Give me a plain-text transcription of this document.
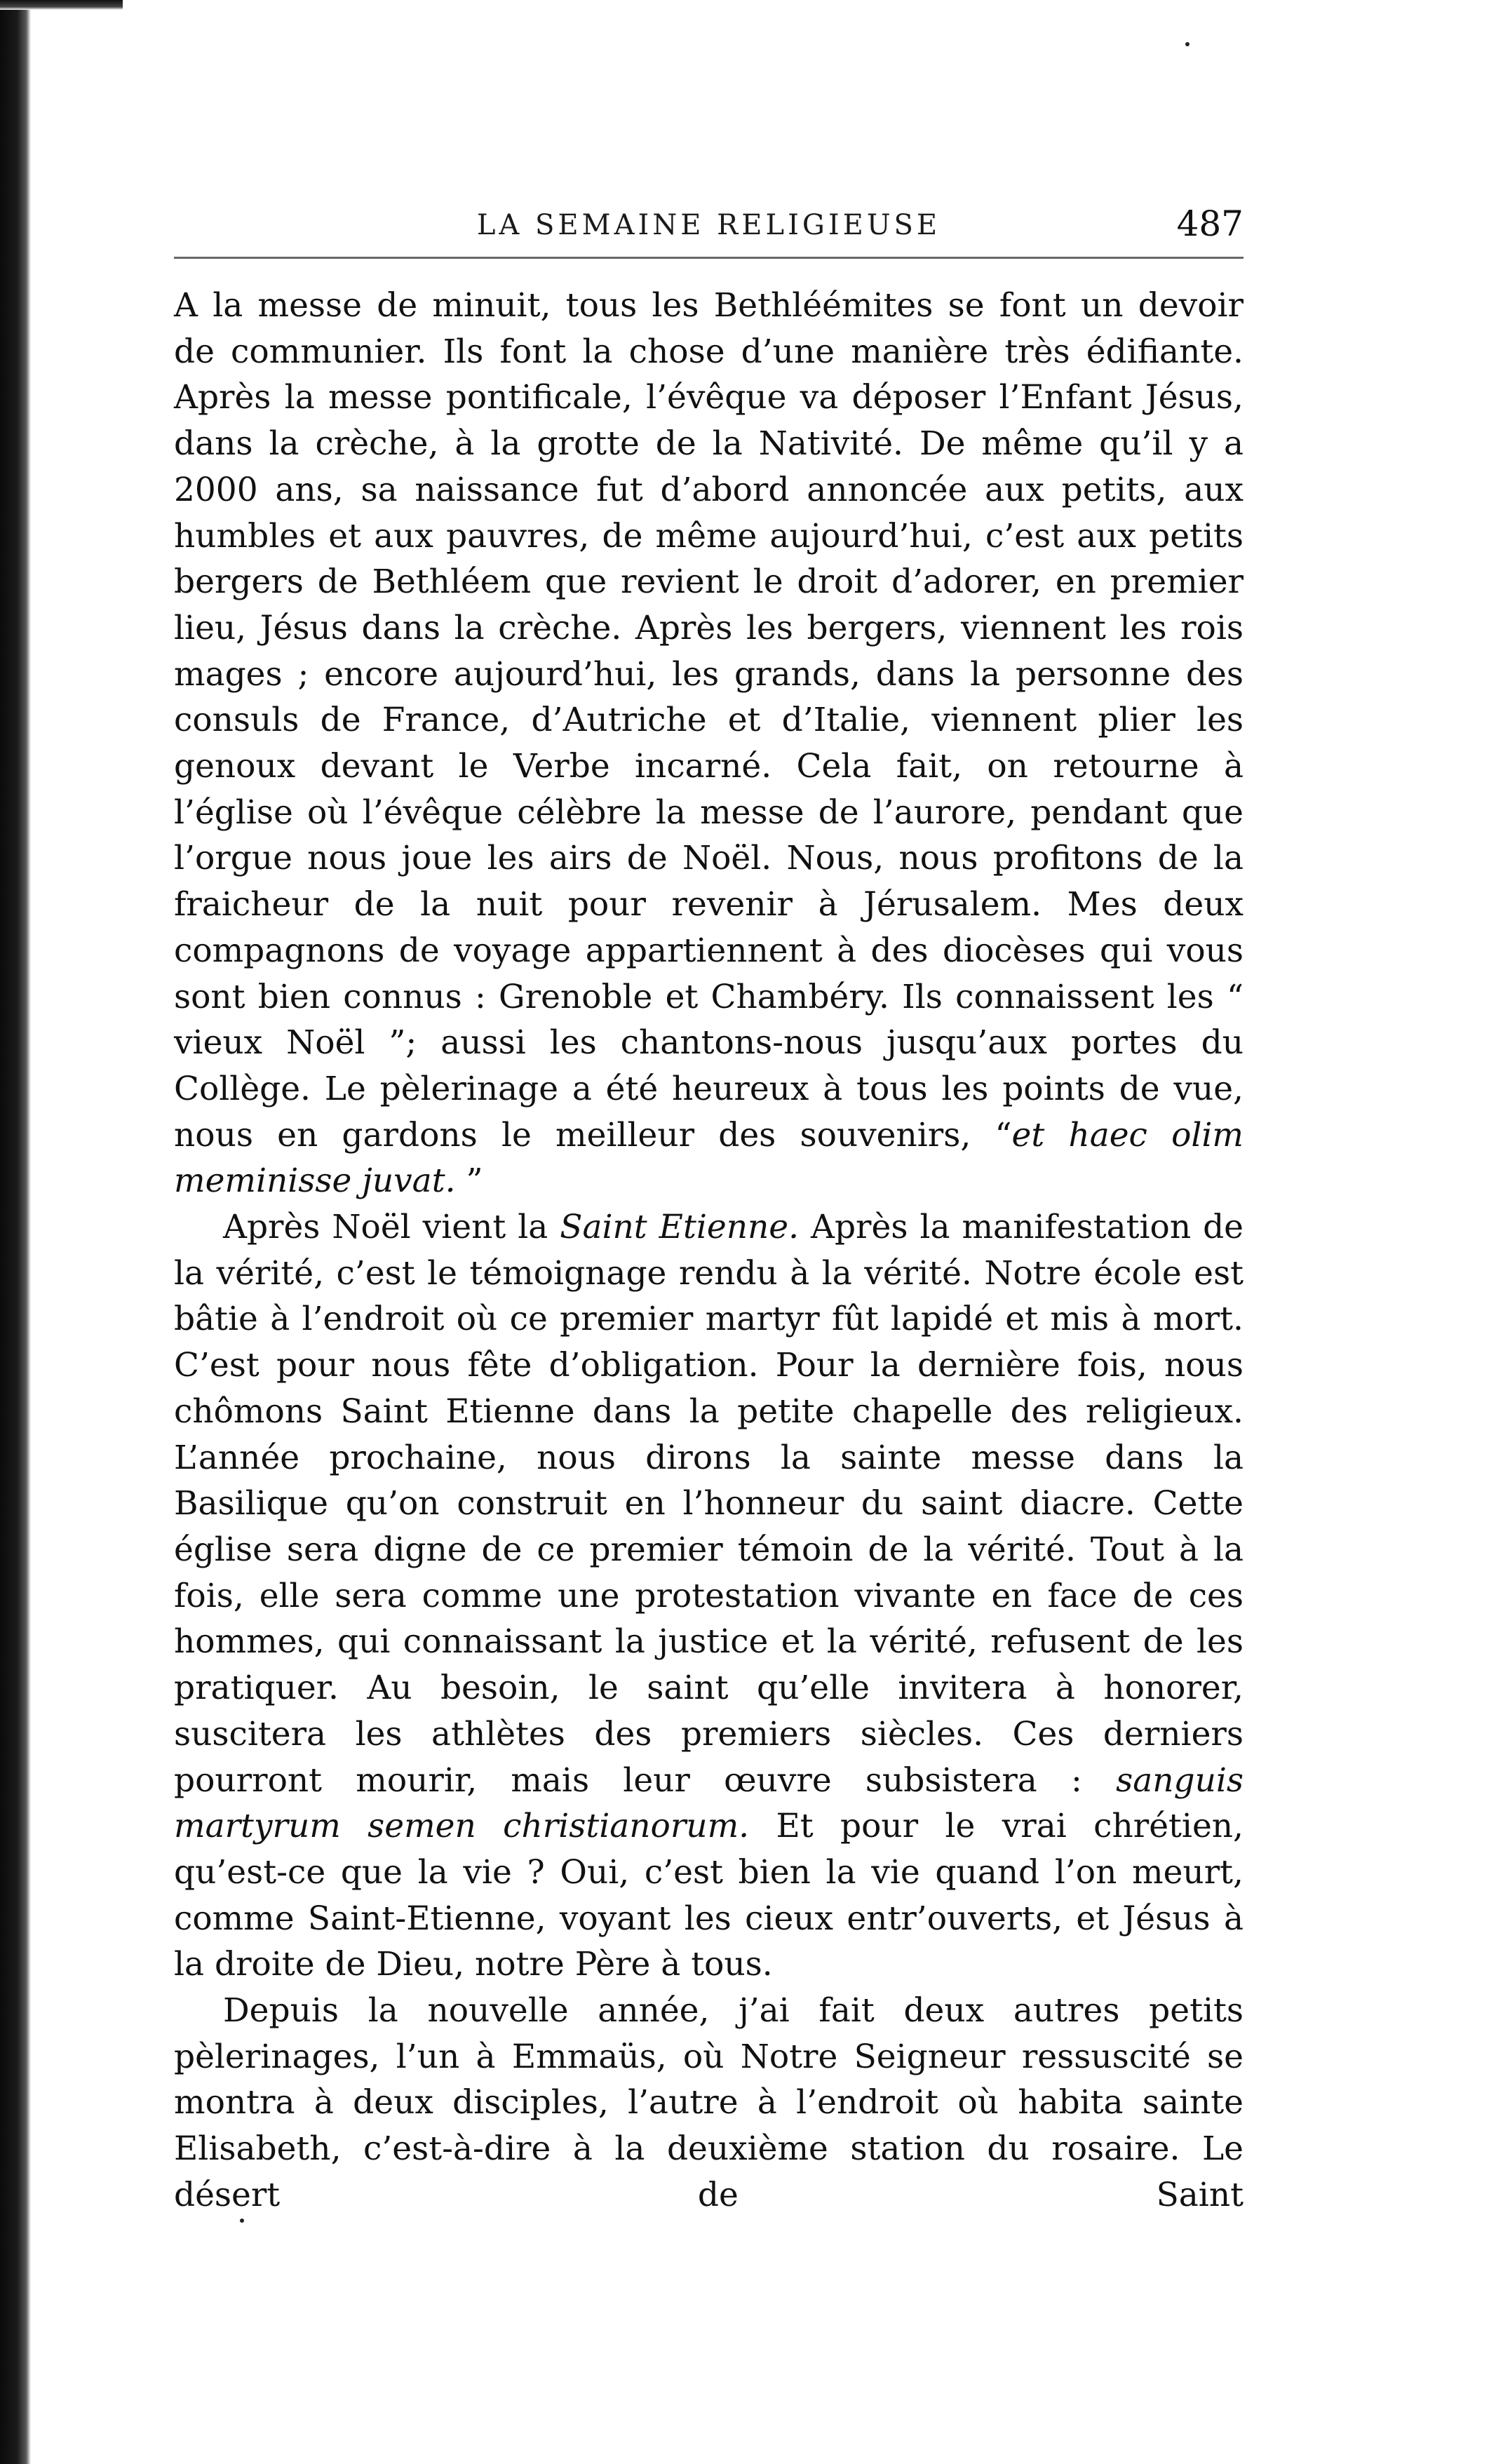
LA SEMAINE RELIGIEUSE	487

A la messe de minuit, tous les Bethléémites se font un devoir de communier. Ils font la chose d’une manière très édifiante. Après la messe pontificale, l’évêque va déposer l’Enfant Jésus, dans la crèche, à la grotte de la Nativité. De même qu’il y a 2000 ans, sa naissance fut d’abord annoncée aux petits, aux humbles et aux pauvres, de même aujourd’hui, c’est aux petits bergers de Bethléem que revient le droit d’adorer, en premier lieu, Jésus dans la crèche. Après les bergers, viennent les rois mages ; encore aujourd’hui, les grands, dans la personne des consuls de France, d’Autriche et d’Italie, viennent plier les genoux devant le Verbe incarné. Cela fait, on retourne à l’église où l’évêque célèbre la messe de l’aurore, pendant que l’orgue nous joue les airs de Noël. Nous, nous profitons de la fraicheur de la nuit pour revenir à Jérusalem. Mes deux compagnons de voyage appartiennent à des diocèses qui vous sont bien connus : Grenoble et Chambéry. Ils connaissent les “ vieux Noël ”; aussi les chantons-nous jusqu’aux portes du Collège. Le pèlerinage a été heureux à tous les points de vue, nous en gardons le meilleur des souvenirs, “et haec olim meminisse juvat. ”

Après Noël vient la Saint Etienne. Après la manifestation de la vérité, c’est le témoignage rendu à la vérité. Notre école est bâtie à l’endroit où ce premier martyr fût lapidé et mis à mort. C’est pour nous fête d’obligation. Pour la dernière fois, nous chômons Saint Etienne dans la petite chapelle des religieux. L’année prochaine, nous dirons la sainte messe dans la Basilique qu’on construit en l’honneur du saint diacre. Cette église sera digne de ce premier témoin de la vérité. Tout à la fois, elle sera comme une protestation vivante en face de ces hommes, qui connaissant la justice et la vérité, refusent de les pratiquer. Au besoin, le saint qu’elle invitera à honorer, suscitera les athlètes des premiers siècles. Ces derniers pourront mourir, mais leur œuvre subsistera : sanguis martyrum semen christianorum. Et pour le vrai chrétien, qu’est-ce que la vie ? Oui, c’est bien la vie quand l’on meurt, comme Saint-Etienne, voyant les cieux entr’ouverts, et Jésus à la droite de Dieu, notre Père à tous.

Depuis la nouvelle année, j’ai fait deux autres petits pèlerinages, l’un à Emmaüs, où Notre Seigneur ressuscité se montra à deux disciples, l’autre à l’endroit où habita sainte Elisabeth, c’est-à-dire à la deuxième station du rosaire. Le désert de Saint
